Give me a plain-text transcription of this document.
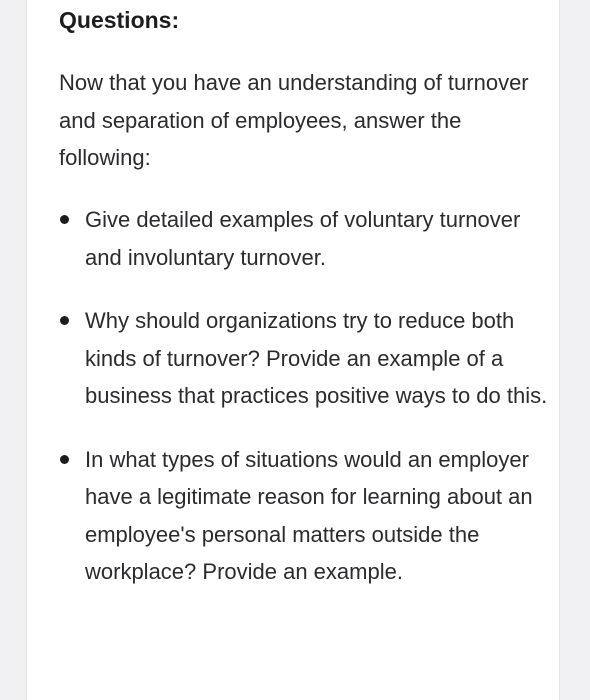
Questions:

Now that you have an understanding of turnover and separation of employees, answer the following:

Give detailed examples of voluntary turnover and involuntary turnover.
Why should organizations try to reduce both kinds of turnover? Provide an example of a business that practices positive ways to do this.
In what types of situations would an employer have a legitimate reason for learning about an employee's personal matters outside the workplace? Provide an example.
